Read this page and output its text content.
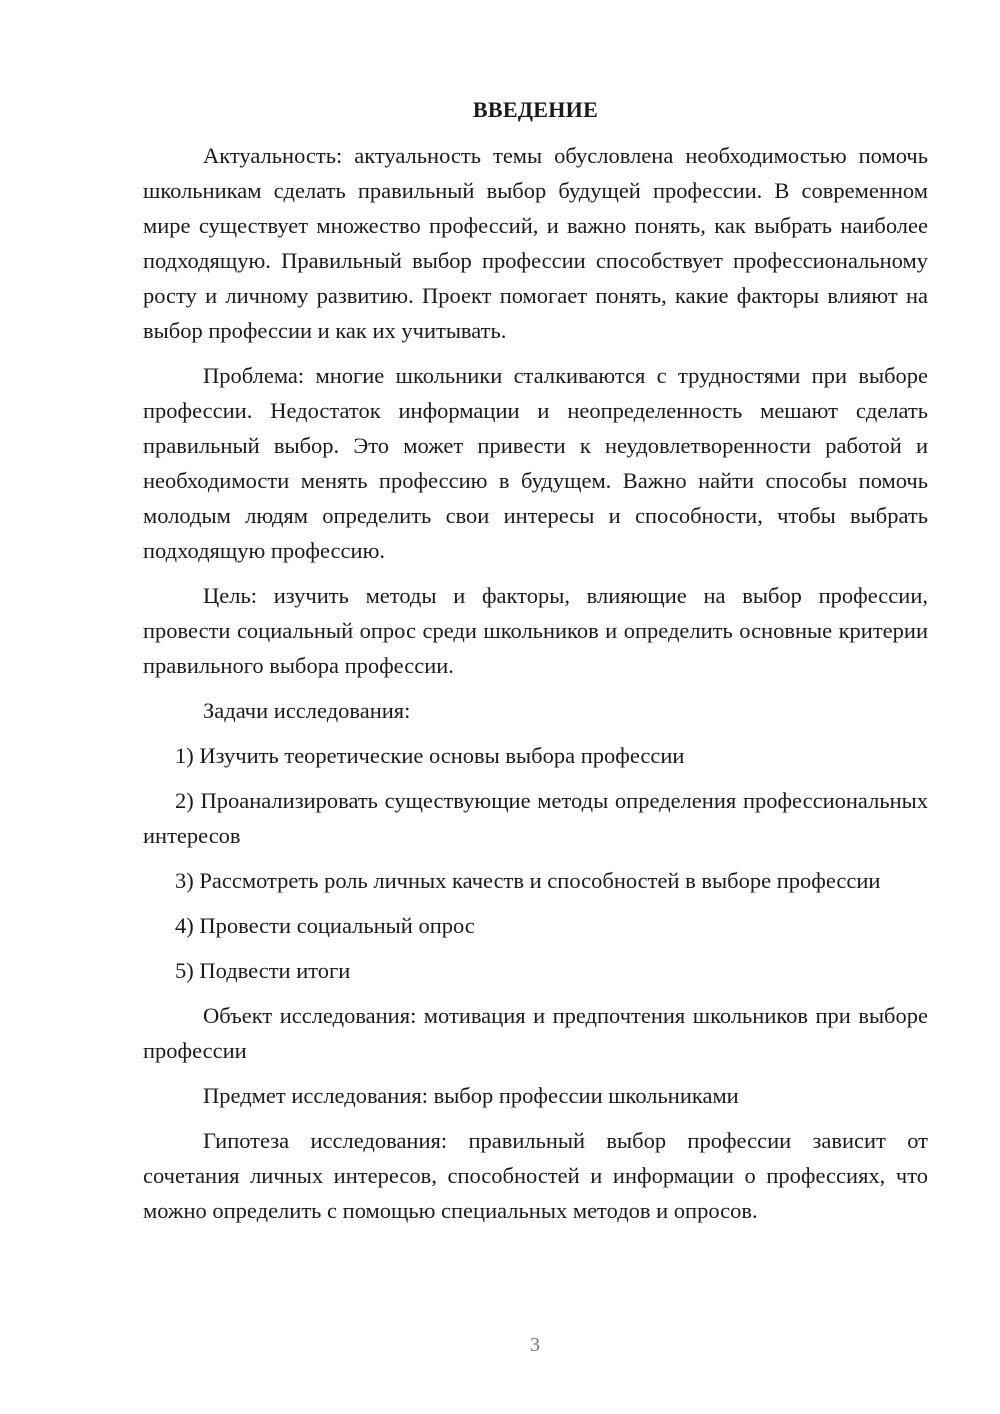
ВВЕДЕНИЕ

Актуальность: актуальность темы обусловлена необходимостью помочь школьникам сделать правильный выбор будущей профессии. В современном мире существует множество профессий, и важно понять, как выбрать наиболее подходящую. Правильный выбор профессии способствует профессиональному росту и личному развитию. Проект помогает понять, какие факторы влияют на выбор профессии и как их учитывать.

Проблема: многие школьники сталкиваются с трудностями при выборе профессии. Недостаток информации и неопределенность мешают сделать правильный выбор. Это может привести к неудовлетворенности работой и необходимости менять профессию в будущем. Важно найти способы помочь молодым людям определить свои интересы и способности, чтобы выбрать подходящую профессию.

Цель: изучить методы и факторы, влияющие на выбор профессии, провести социальный опрос среди школьников и определить основные критерии правильного выбора профессии.

Задачи исследования:

1) Изучить теоретические основы выбора профессии

2) Проанализировать существующие методы определения профессиональных интересов

3) Рассмотреть роль личных качеств и способностей в выборе профессии

4) Провести социальный опрос

5) Подвести итоги

Объект исследования: мотивация и предпочтения школьников при выборе профессии

Предмет исследования: выбор профессии школьниками

Гипотеза исследования: правильный выбор профессии зависит от сочетания личных интересов, способностей и информации о профессиях, что можно определить с помощью специальных методов и опросов.

3
